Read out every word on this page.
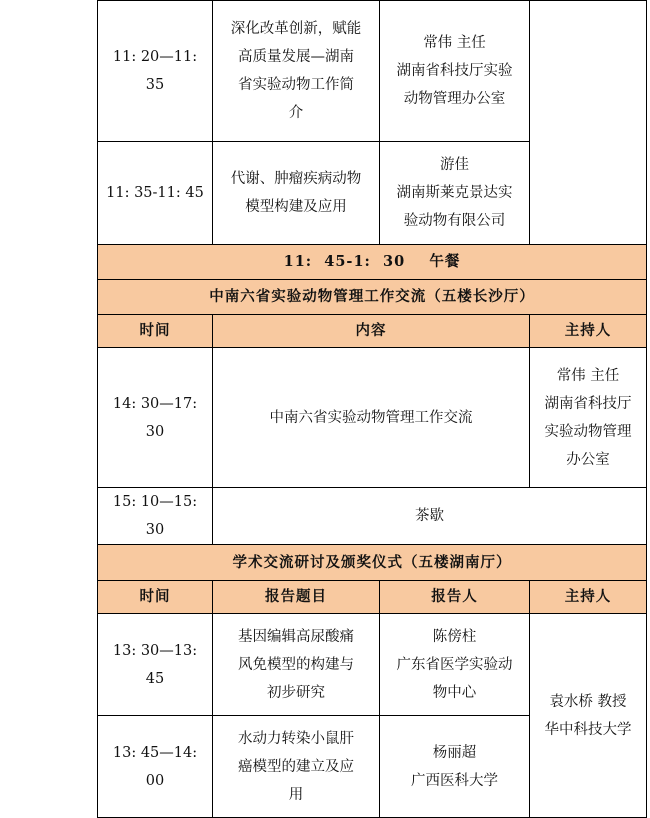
11: 20—11: 35	深化改革创新，赋能
高质量发展—湖南
省实验动物工作简
介	常伟 主任
湖南省科技厅实验
动物管理办公室	

11: 35-11: 45	代谢、肿瘤疾病动物
模型构建及应用	游佳
湖南斯莱克景达实
验动物有限公司	

11:  45-1:  30    午餐			
中南六省实验动物管理工作交流（五楼长沙厅）			
时间	内容		主持人
14: 30—17: 30	中南六省实验动物管理工作交流		常伟 主任
湖南省科技厅
实验动物管理
办公室

15: 10—15: 30	茶歇		
学术交流研讨及颁奖仪式（五楼湖南厅）			
时间	报告题目	报告人	主持人
13: 30—13: 45	基因编辑高尿酸痛
风免模型的构建与
初步研究	陈傍柱
广东省医学实验动
物中心	袁水桥 教授
华中科技大学

13: 45—14: 00	水动力转染小鼠肝
癌模型的建立及应
用	杨丽超
广西医科大学	
